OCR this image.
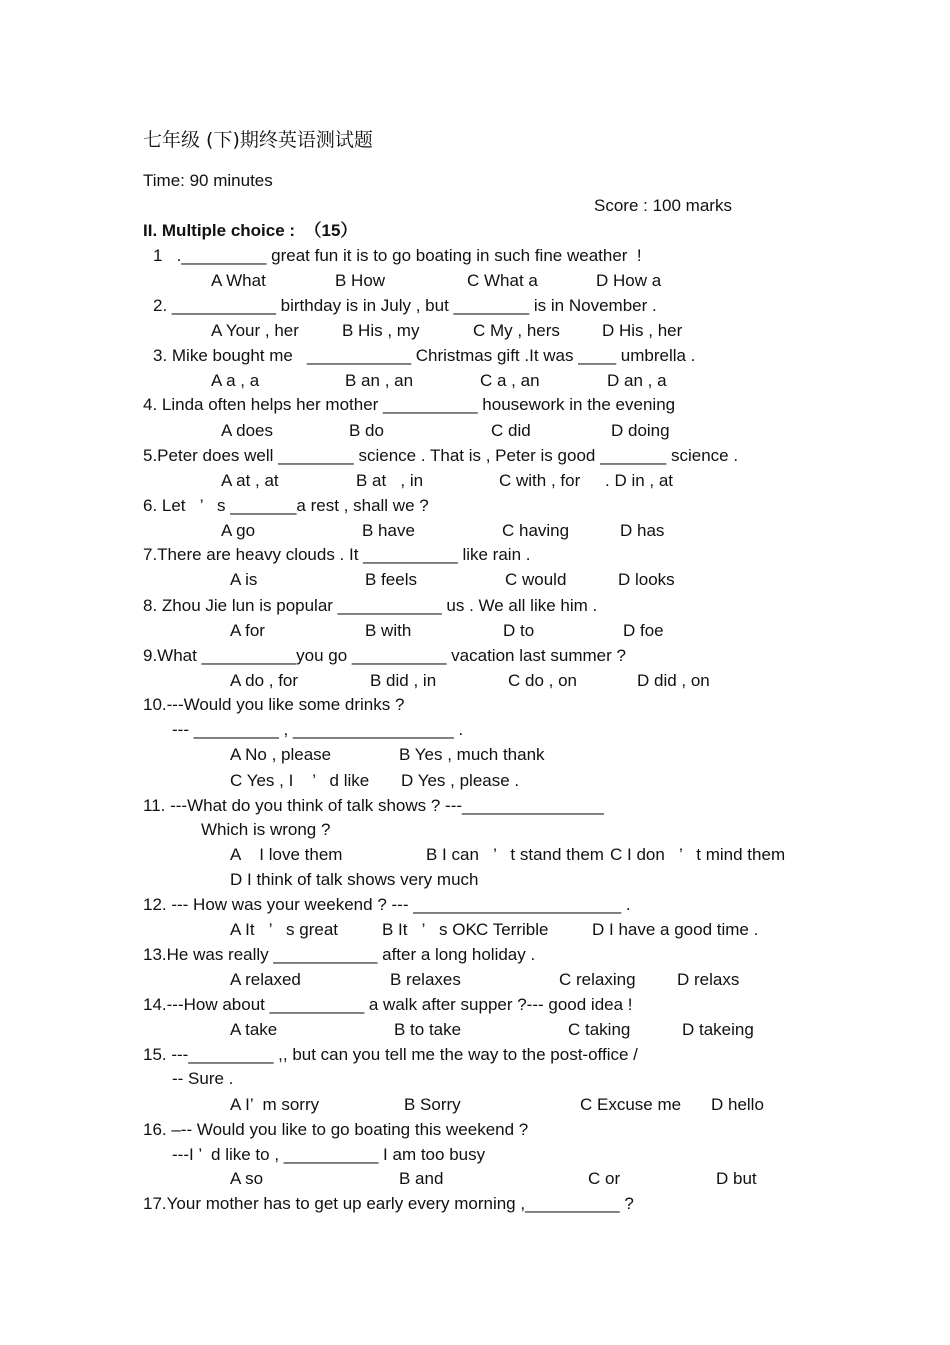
七年级 (下)期终英语测试题
Time: 90 minutes
Score : 100 marks
II. Multiple choice :  （15）
1   ._________ great fun it is to go boating in such fine weather  !
A What	B How	C What a	D How a
2. ___________ birthday is in July , but ________ is in November .
A Your , her	B His , my	C My , hers D His , her
3. Mike bought me   ___________ Christmas gift .It was ____ umbrella .
A a , a	B an , an	C a , an	D an , a
4. Linda often helps her mother __________ housework in the evening
A does	B do	C did	D doing
5.Peter does well ________ science . That is , Peter is good _______ science .
A at , at	B at   , in	C with , for . D in , at
6. Let   ’   s _______a rest , shall we ?
A go	B have	C having	D has
7.There are heavy clouds . It __________ like rain .
A is	B feels	C would	D looks
8. Zhou Jie lun is popular ___________ us . We all like him .
A for	B with	D to	D foe
9.What __________you go __________ vacation last summer ?
A do , for	B did , in	C do , on	D did , on
10.---Would you like some drinks ?
--- _________ , _________________ .
A No , please	B Yes , much thank
C Yes , I    ’   d like D Yes , please .
11. ---What do you think of talk shows ? ---_______________
Which is wrong ?
A    I love them	B I can   ’   t stand them C I don   ’   t mind them
D I think of talk shows very much
12. --- How was your weekend ? --- ______________________ .
A It   ’   s great	B It   ’   s OK C Terrible	D I have a good time .
13.He was really ___________ after a long holiday .
A relaxed	B relaxes	C relaxing D relaxs
14.---How about __________ a walk after supper ?--- good idea !
A take	B to take	C taking	D takeing
15. ---_________ ,, but can you tell me the way to the post-office /
-- Sure .
A I’  m sorry	B Sorry	C Excuse me D hello
16. –-- Would you like to go boating this weekend ?
---I ’  d like to , __________ I am too busy
A so	B and	C or	D but
17.Your mother has to get up early every morning ,__________ ?
